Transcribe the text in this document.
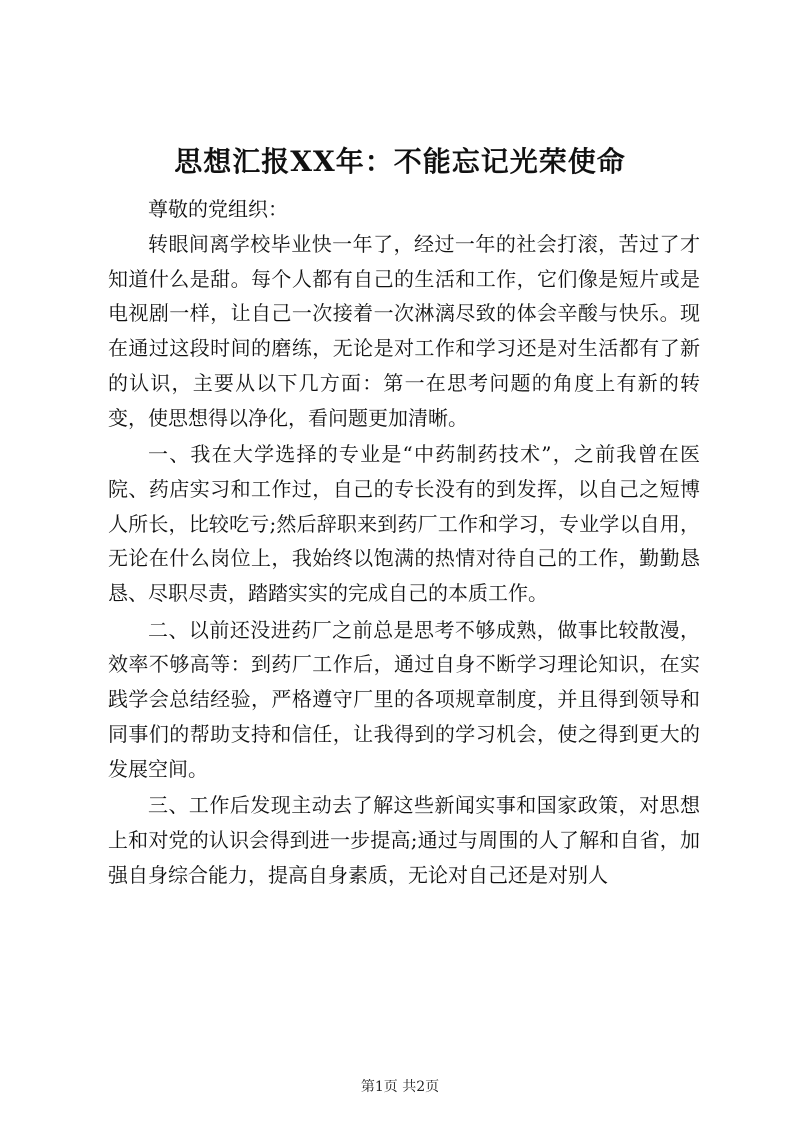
思想汇报XX年：不能忘记光荣使命

尊敬的党组织：

转眼间离学校毕业快一年了，经过一年的社会打滚，苦过了才知道什么是甜。每个人都有自己的生活和工作，它们像是短片或是电视剧一样，让自己一次接着一次淋漓尽致的体会辛酸与快乐。现在通过这段时间的磨练，无论是对工作和学习还是对生活都有了新的认识，主要从以下几方面：第一在思考问题的角度上有新的转变，使思想得以净化，看问题更加清晰。

一、我在大学选择的专业是“中药制药技术”，之前我曾在医院、药店实习和工作过，自己的专长没有的到发挥，以自己之短博人所长，比较吃亏;然后辞职来到药厂工作和学习，专业学以自用，无论在什么岗位上，我始终以饱满的热情对待自己的工作，勤勤恳恳、尽职尽责，踏踏实实的完成自己的本质工作。

二、以前还没进药厂之前总是思考不够成熟，做事比较散漫，效率不够高等：到药厂工作后，通过自身不断学习理论知识，在实践学会总结经验，严格遵守厂里的各项规章制度，并且得到领导和同事们的帮助支持和信任，让我得到的学习机会，使之得到更大的发展空间。

三、工作后发现主动去了解这些新闻实事和国家政策，对思想上和对党的认识会得到进一步提高;通过与周围的人了解和自省，加强自身综合能力，提高自身素质，无论对自己还是对别人

第1页 共2页
